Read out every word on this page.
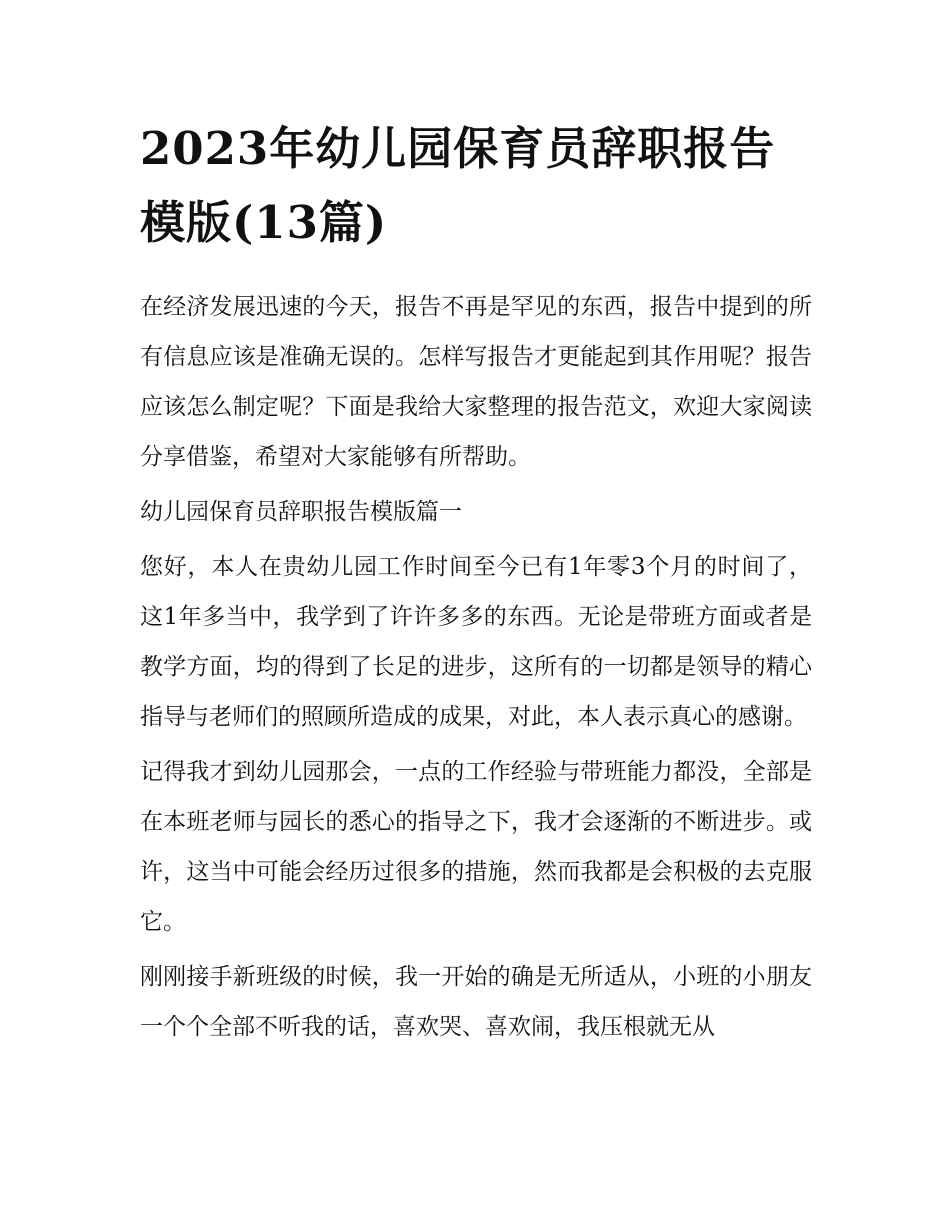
2023年幼儿园保育员辞职报告模版(13篇)

在经济发展迅速的今天，报告不再是罕见的东西，报告中提到的所有信息应该是准确无误的。怎样写报告才更能起到其作用呢？报告应该怎么制定呢？下面是我给大家整理的报告范文，欢迎大家阅读分享借鉴，希望对大家能够有所帮助。

幼儿园保育员辞职报告模版篇一

您好，本人在贵幼儿园工作时间至今已有1年零3个月的时间了，这1年多当中，我学到了许许多多的东西。无论是带班方面或者是教学方面，均的得到了长足的进步，这所有的一切都是领导的精心指导与老师们的照顾所造成的成果，对此，本人表示真心的感谢。

记得我才到幼儿园那会，一点的工作经验与带班能力都没，全部是在本班老师与园长的悉心的指导之下，我才会逐渐的不断进步。或许，这当中可能会经历过很多的措施，然而我都是会积极的去克服它。

刚刚接手新班级的时候，我一开始的确是无所适从，小班的小朋友一个个全部不听我的话，喜欢哭、喜欢闹，我压根就无从
